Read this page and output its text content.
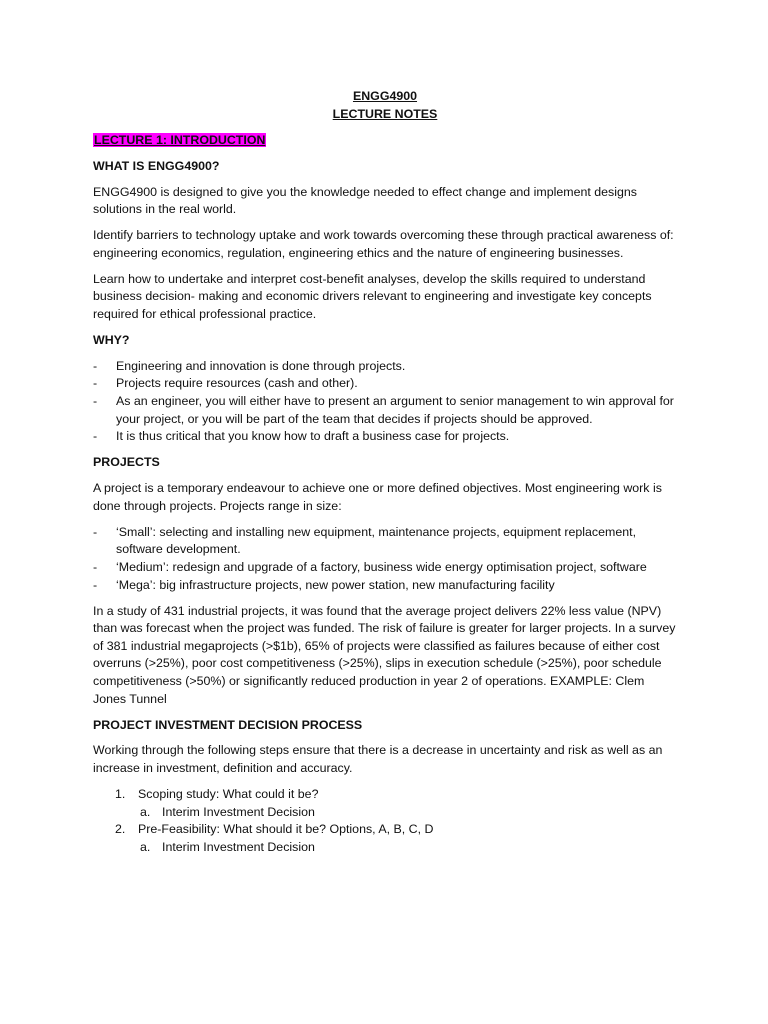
ENGG4900
LECTURE NOTES

LECTURE 1: INTRODUCTION

WHAT IS ENGG4900?

ENGG4900 is designed to give you the knowledge needed to effect change and implement designs solutions in the real world.

Identify barriers to technology uptake and work towards overcoming these through practical awareness of: engineering economics, regulation, engineering ethics and the nature of engineering businesses.

Learn how to undertake and interpret cost-benefit analyses, develop the skills required to understand business decision- making and economic drivers relevant to engineering and investigate key concepts required for ethical professional practice.

WHY?

- Engineering and innovation is done through projects.
- Projects require resources (cash and other).
- As an engineer, you will either have to present an argument to senior management to win approval for your project, or you will be part of the team that decides if projects should be approved.
- It is thus critical that you know how to draft a business case for projects.

PROJECTS

A project is a temporary endeavour to achieve one or more defined objectives. Most engineering work is done through projects. Projects range in size:

- ‘Small’: selecting and installing new equipment, maintenance projects, equipment replacement, software development.
- ‘Medium’: redesign and upgrade of a factory, business wide energy optimisation project, software
- ‘Mega’: big infrastructure projects, new power station, new manufacturing facility

In a study of 431 industrial projects, it was found that the average project delivers 22% less value (NPV) than was forecast when the project was funded. The risk of failure is greater for larger projects. In a survey of 381 industrial megaprojects (>$1b), 65% of projects were classified as failures because of either cost overruns (>25%), poor cost competitiveness (>25%), slips in execution schedule (>25%), poor schedule competitiveness (>50%) or significantly reduced production in year 2 of operations. EXAMPLE: Clem Jones Tunnel

PROJECT INVESTMENT DECISION PROCESS

Working through the following steps ensure that there is a decrease in uncertainty and risk as well as an increase in investment, definition and accuracy.

1. Scoping study: What could it be?
a. Interim Investment Decision
2. Pre-Feasibility: What should it be? Options, A, B, C, D
a. Interim Investment Decision
